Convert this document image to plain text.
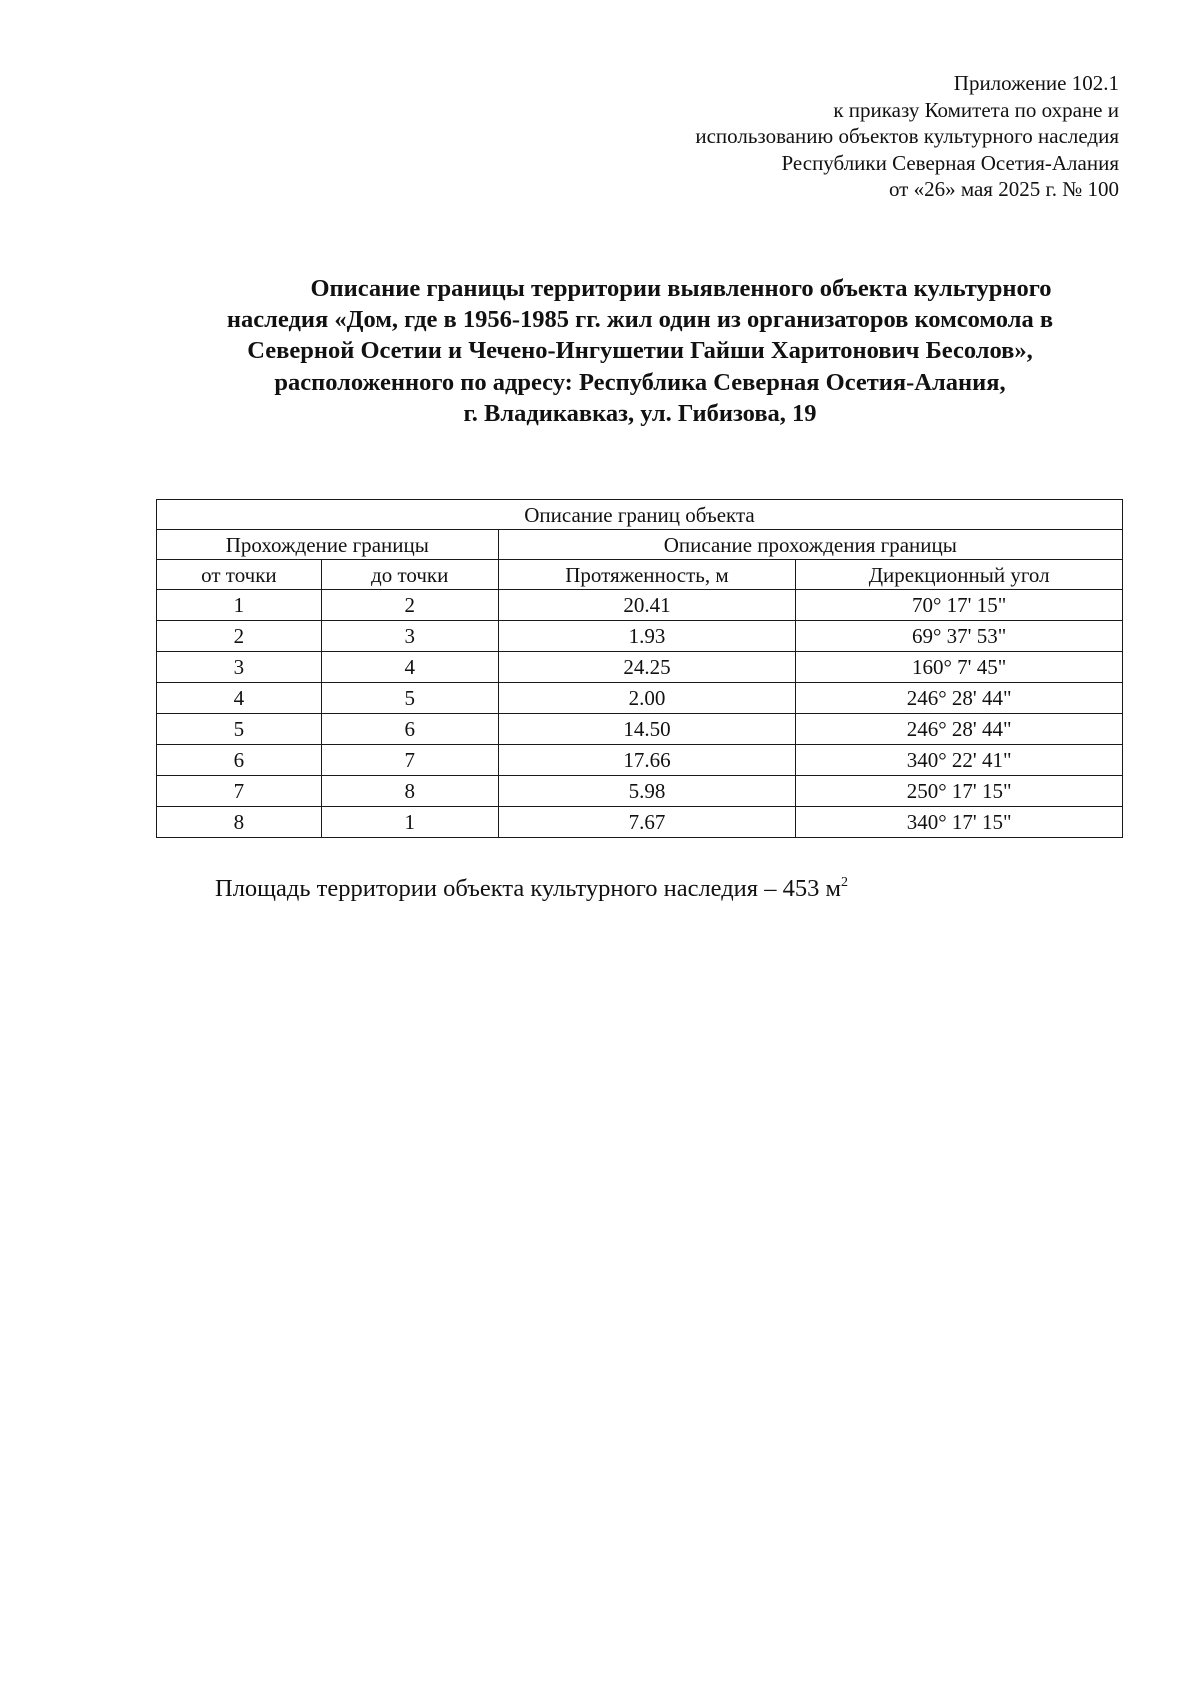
Приложение 102.1
к приказу Комитета по охране и
использованию объектов культурного наследия
Республики Северная Осетия-Алания
от «26» мая 2025 г. № 100
Описание границы территории выявленного объекта культурного
наследия «Дом, где в 1956-1985 гг. жил один из организаторов комсомола в
Северной Осетии и Чечено-Ингушетии Гайши Харитонович Бесолов»,
расположенного по адресу: Республика Северная Осетия-Алания,
г. Владикавказ, ул. Гибизова, 19
Описание границ объекта			
Прохождение границы		Описание прохождения границы	
от точки	до точки	Протяженность, м	Дирекционный угол
1	2	20.41	70° 17' 15"
2	3	1.93	69° 37' 53"
3	4	24.25	160° 7' 45"
4	5	2.00	246° 28' 44"
5	6	14.50	246° 28' 44"
6	7	17.66	340° 22' 41"
7	8	5.98	250° 17' 15"
8	1	7.67	340° 17' 15"
Площадь территории объекта культурного наследия – 453 $м^2$
